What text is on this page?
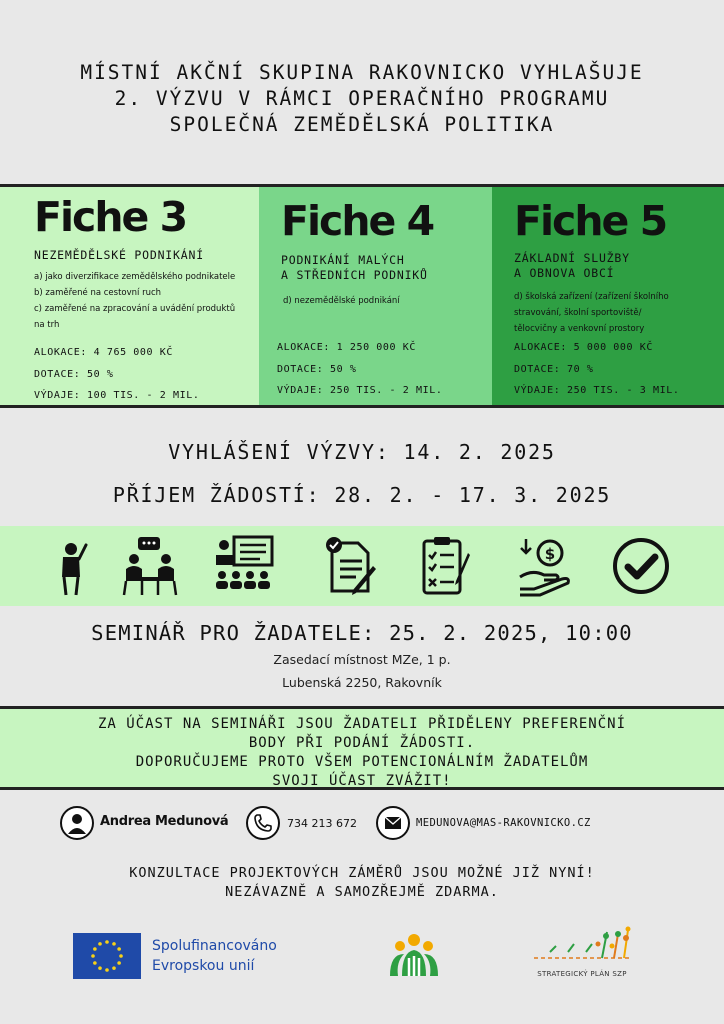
MÍSTNÍ AKČNÍ SKUPINA RAKOVNICKO VYHLAŠUJE
2. VÝZVU V RÁMCI OPERAČNÍHO PROGRAMU
SPOLEČNÁ ZEMĚDĚLSKÁ POLITIKA
Fiche 3
NEZEMĚDĚLSKÉ PODNIKÁNÍ
a) jako diverzifikace zemědělského podnikatele
b) zaměřené na cestovní ruch
c) zaměřené na zpracování a uvádění produktů
na trh
ALOKACE: 4 765 000 KČ
DOTACE: 50 %
VÝDAJE: 100 TIS. - 2 MIL.
Fiche 4
PODNIKÁNÍ MALÝCH
A STŘEDNÍCH PODNIKŮ
d) nezemědělské podnikání
ALOKACE: 1 250 000 KČ
DOTACE: 50 %
VÝDAJE: 250 TIS. - 2 MIL.
Fiche 5
ZÁKLADNÍ SLUŽBY
A OBNOVA OBCÍ
d) školská zařízení (zařízení školního
stravování, školní sportoviště/
tělocvičny a venkovní prostory
ALOKACE: 5 000 000 KČ
DOTACE: 70 %
VÝDAJE: 250 TIS. - 3 MIL.
VYHLÁŠENÍ VÝZVY: 14. 2. 2025
PŘÍJEM ŽÁDOSTÍ: 28. 2. - 17. 3. 2025
$
SEMINÁŘ PRO ŽADATELE: 25. 2. 2025, 10:00
Zasedací místnost MZe, 1 p.
Lubenská 2250, Rakovník
ZA ÚČAST NA SEMINÁŘI JSOU ŽADATELI PŘIDĚLENY PREFERENČNÍ
BODY PŘI PODÁNÍ ŽÁDOSTI.
DOPORUČUJEME PROTO VŠEM POTENCIONÁLNÍM ŽADATELŮM
SVOJI ÚČAST ZVÁŽIT!
Andrea Medunová	734 213 672	MEDUNOVA@MAS-RAKOVNICKO.CZ
KONZULTACE PROJEKTOVÝCH ZÁMĚRŮ JSOU MOŽNÉ JIŽ NYNÍ!
NEZÁVAZNĚ A SAMOZŘEJMĚ ZDARMA.
Spolufinancováno
Evropskou unií	STRATEGICKÝ PLÁN SZP
